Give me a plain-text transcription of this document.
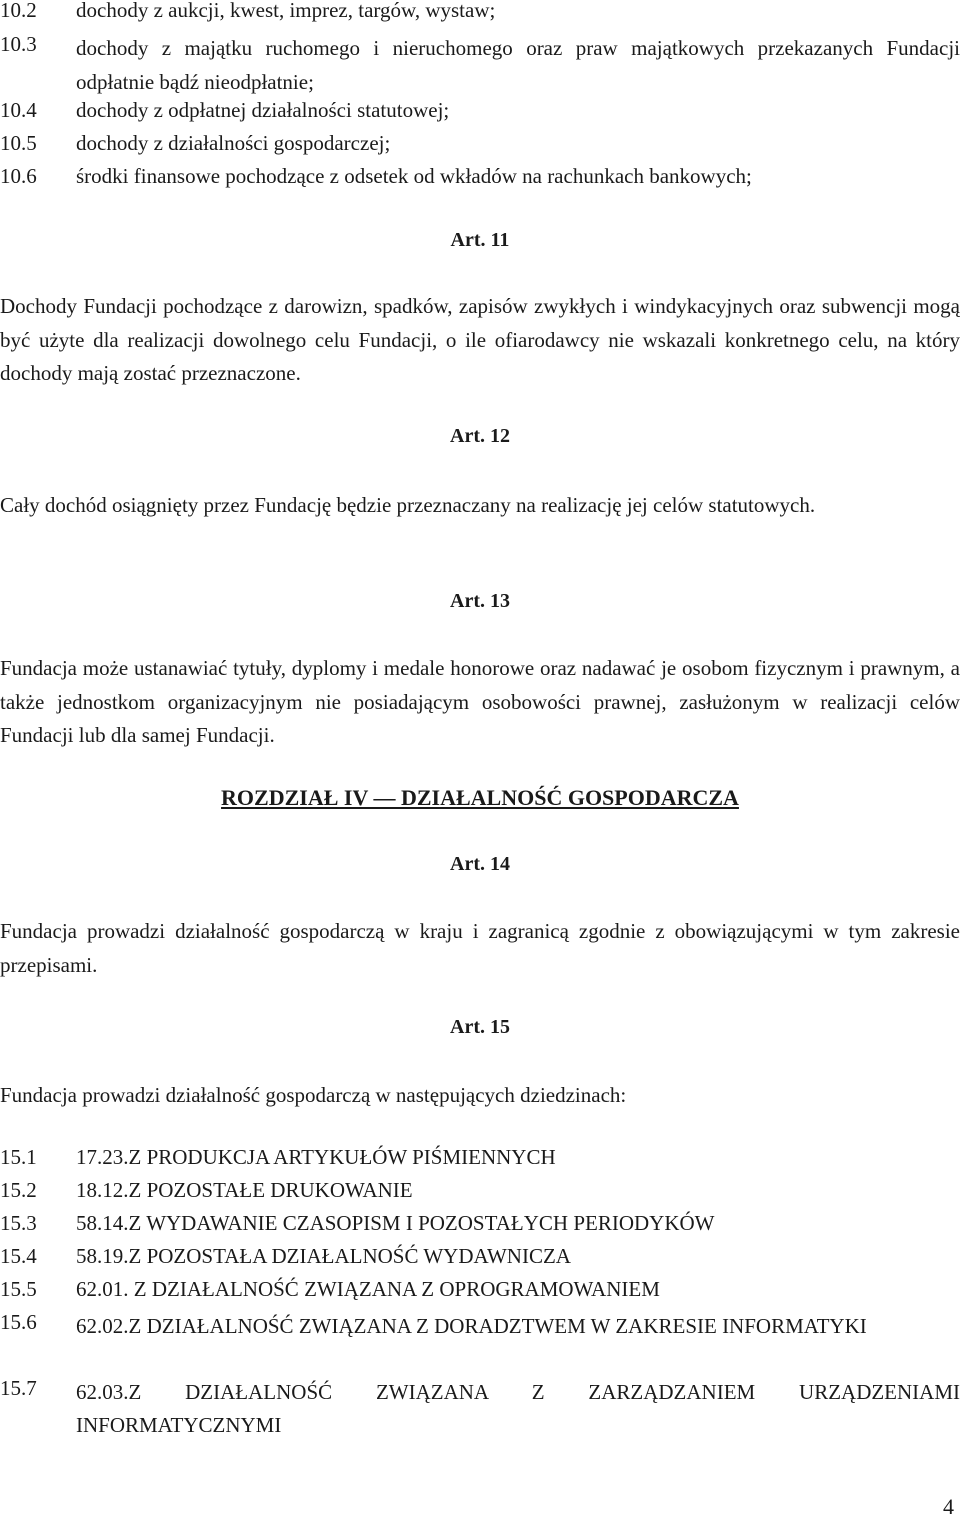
10.2	dochody z aukcji, kwest, imprez, targów, wystaw;
10.3	dochody z majątku ruchomego i nieruchomego oraz praw majątkowych przekazanych Fundacji odpłatnie bądź nieodpłatnie;
10.4	dochody z odpłatnej działalności statutowej;
10.5	dochody z działalności gospodarczej;
10.6	środki finansowe pochodzące z odsetek od wkładów na rachunkach bankowych;
Art. 11
Dochody Fundacji pochodzące z darowizn, spadków, zapisów zwykłych i windykacyjnych oraz subwencji mogą być użyte dla realizacji dowolnego celu Fundacji, o ile ofiarodawcy nie wskazali konkretnego celu, na który dochody mają zostać przeznaczone.
Art. 12
Cały dochód osiągnięty przez Fundację będzie przeznaczany na realizację jej celów statutowych.
Art. 13
Fundacja może ustanawiać tytuły, dyplomy i medale honorowe oraz nadawać je osobom fizycznym i prawnym, a także jednostkom organizacyjnym nie posiadającym osobowości prawnej, zasłużonym w realizacji celów Fundacji lub dla samej Fundacji.
ROZDZIAŁ IV — DZIAŁALNOŚĆ GOSPODARCZA
Art. 14
Fundacja prowadzi działalność gospodarczą w kraju i zagranicą zgodnie z obowiązującymi w tym zakresie przepisami.
Art. 15
Fundacja prowadzi działalność gospodarczą w następujących dziedzinach:
15.1	17.23.Z PRODUKCJA ARTYKUŁÓW PIŚMIENNYCH
15.2	18.12.Z POZOSTAŁE DRUKOWANIE
15.3	58.14.Z WYDAWANIE CZASOPISM I POZOSTAŁYCH PERIODYKÓW
15.4	58.19.Z POZOSTAŁA DZIAŁALNOŚĆ WYDAWNICZA
15.5	62.01. Z DZIAŁALNOŚĆ ZWIĄZANA Z OPROGRAMOWANIEM
15.6	62.02.Z DZIAŁALNOŚĆ ZWIĄZANA Z DORADZTWEM W ZAKRESIE INFORMATYKI
15.7	62.03.Z DZIAŁALNOŚĆ ZWIĄZANA Z ZARZĄDZANIEM URZĄDZENIAMI INFORMATYCZNYMI
4
